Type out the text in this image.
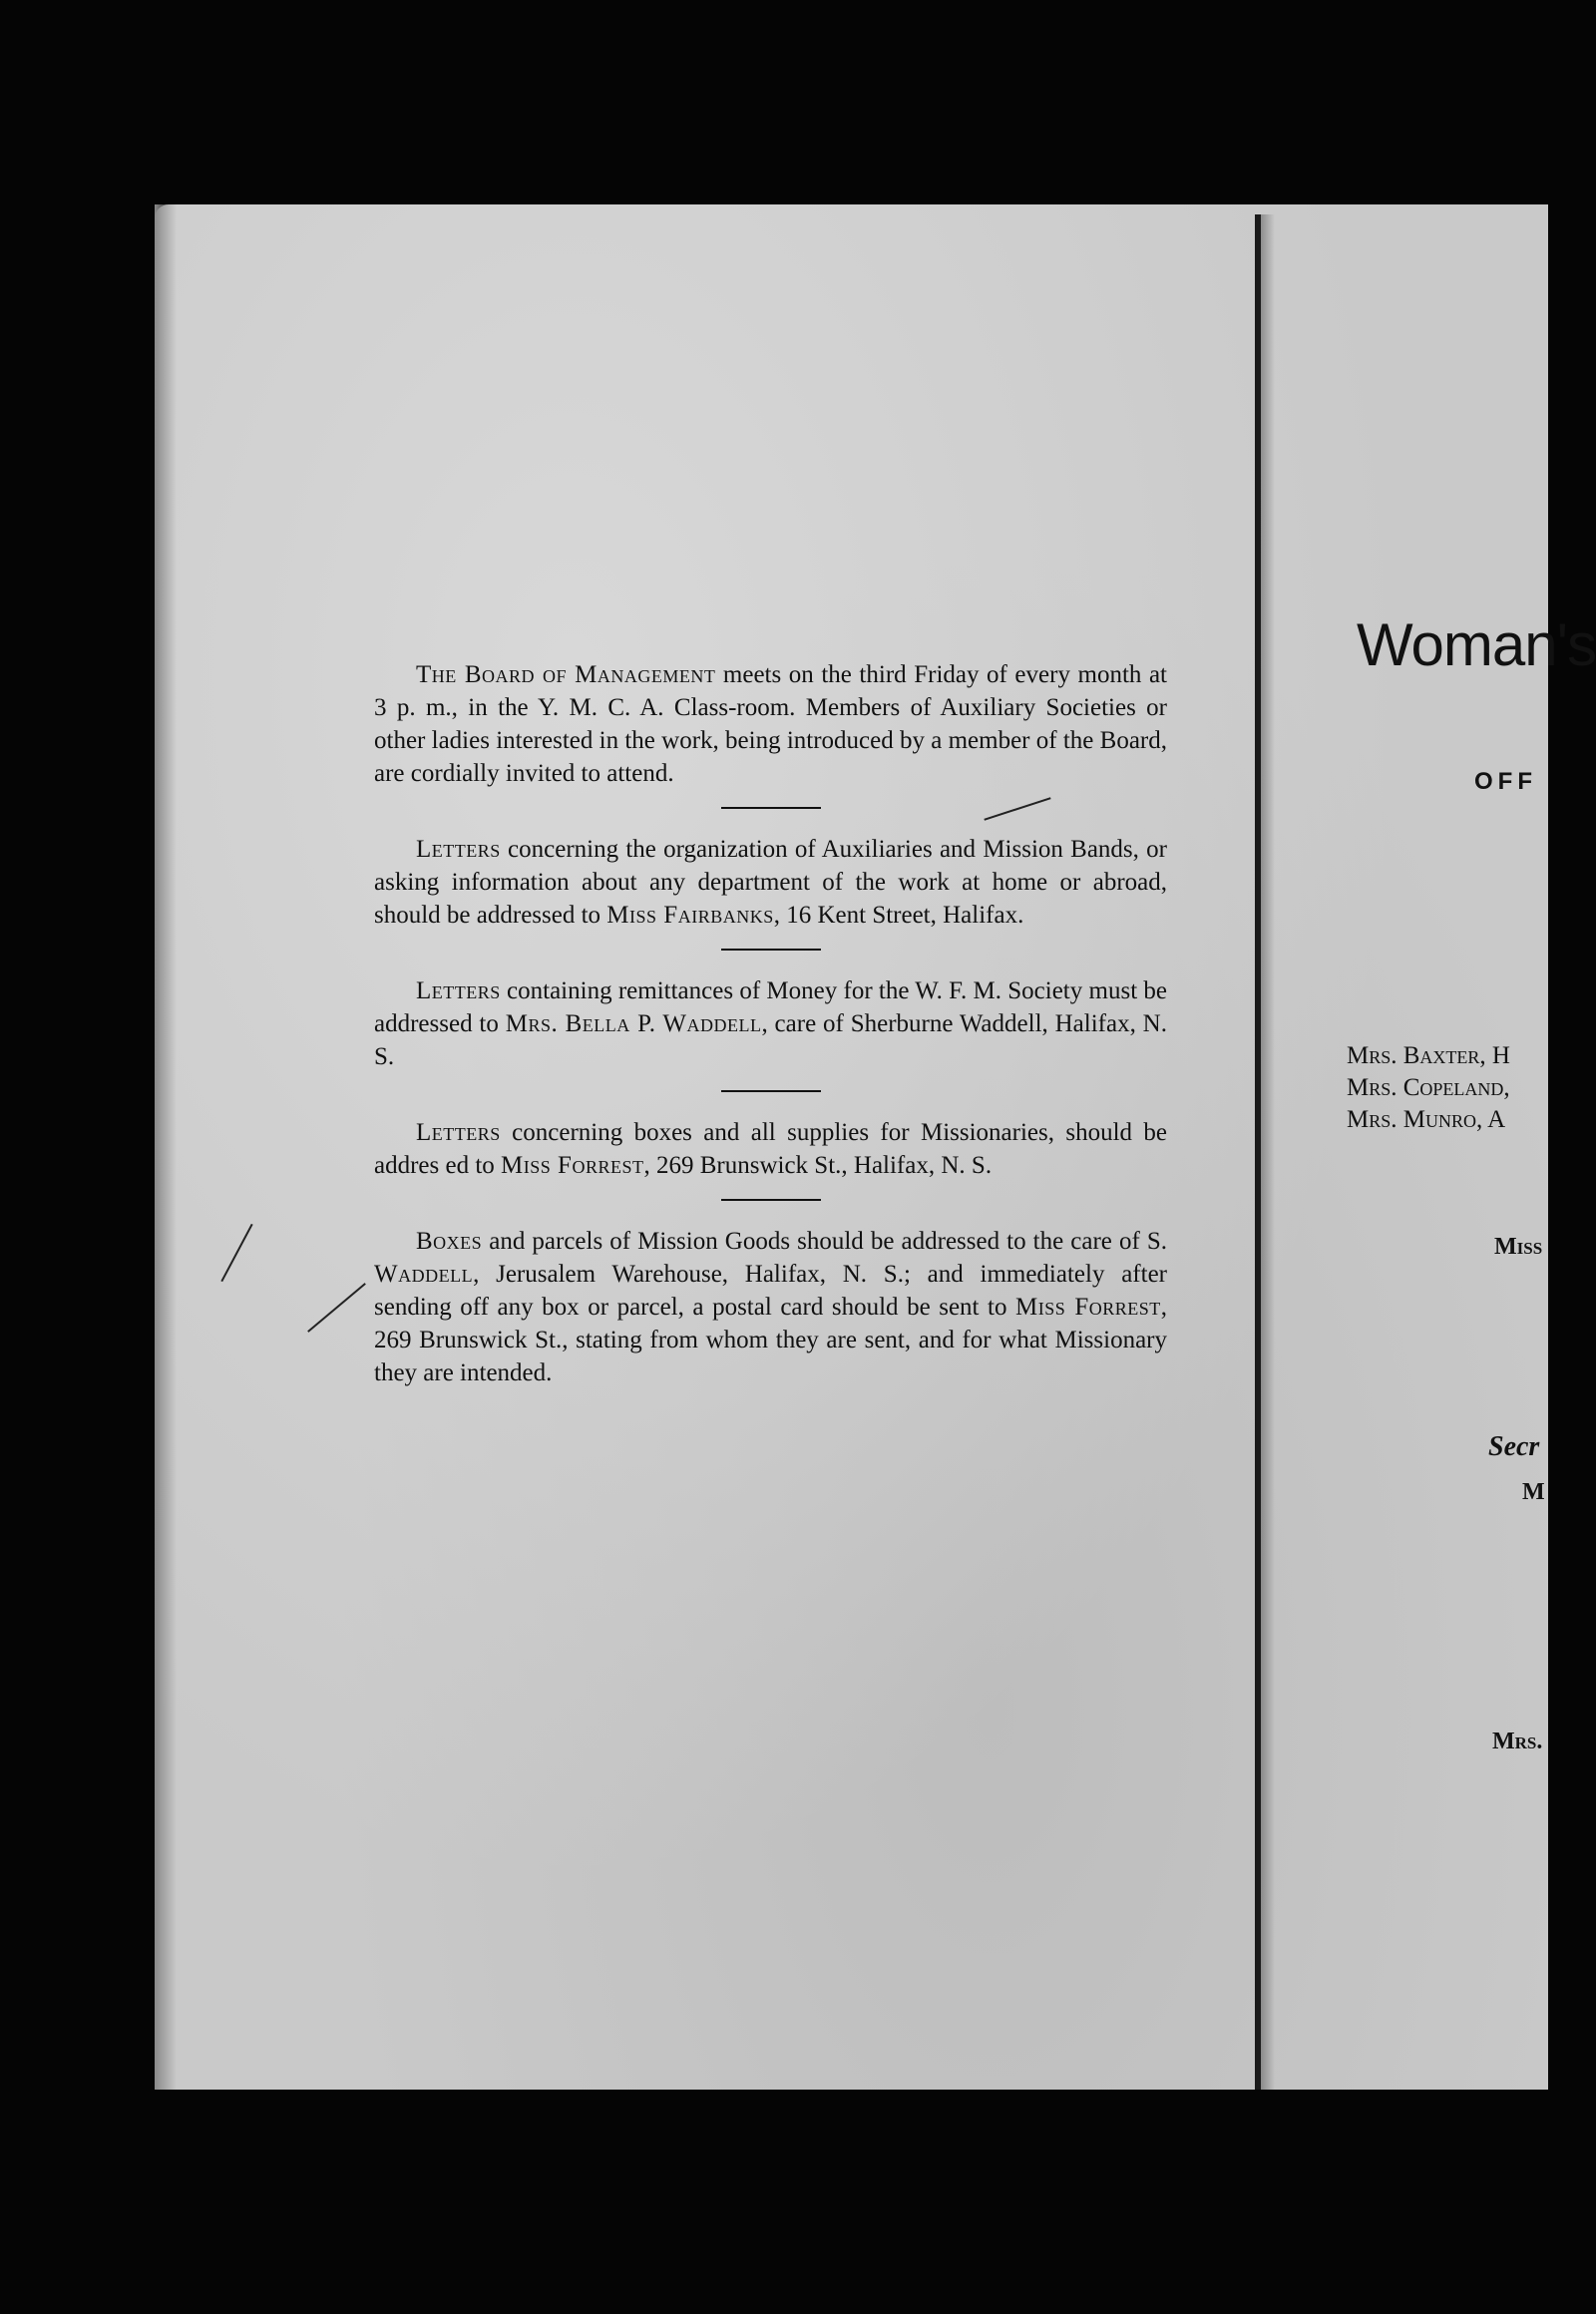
The Board of Management meets on the third Friday of every month at 3 p. m., in the Y. M. C. A. Class-room. Members of Auxiliary Societies or other ladies interested in the work, being introduced by a member of the Board, are cordially invited to attend.

Letters concerning the organization of Auxiliaries and Mission Bands, or asking information about any department of the work at home or abroad, should be addressed to Miss Fairbanks, 16 Kent Street, Halifax.

Letters containing remittances of Money for the W. F. M. Society must be addressed to Mrs. Bella P. Waddell, care of Sherburne Waddell, Halifax, N. S.

Letters concerning boxes and all supplies for Missionaries, should be addres ed to Miss Forrest, 269 Brunswick St., Halifax, N. S.

Boxes and parcels of Mission Goods should be addressed to the care of S. Waddell, Jerusalem Warehouse, Halifax, N. S.; and immediately after sending off any box or parcel, a postal card should be sent to Miss Forrest, 269 Brunswick St., stating from whom they are sent, and for what Missionary they are intended.

Woman's
OFF
Mrs. Baxter, H
Mrs. Copeland,
Mrs. Munro, A
Miss
Secr
M
Mrs.
